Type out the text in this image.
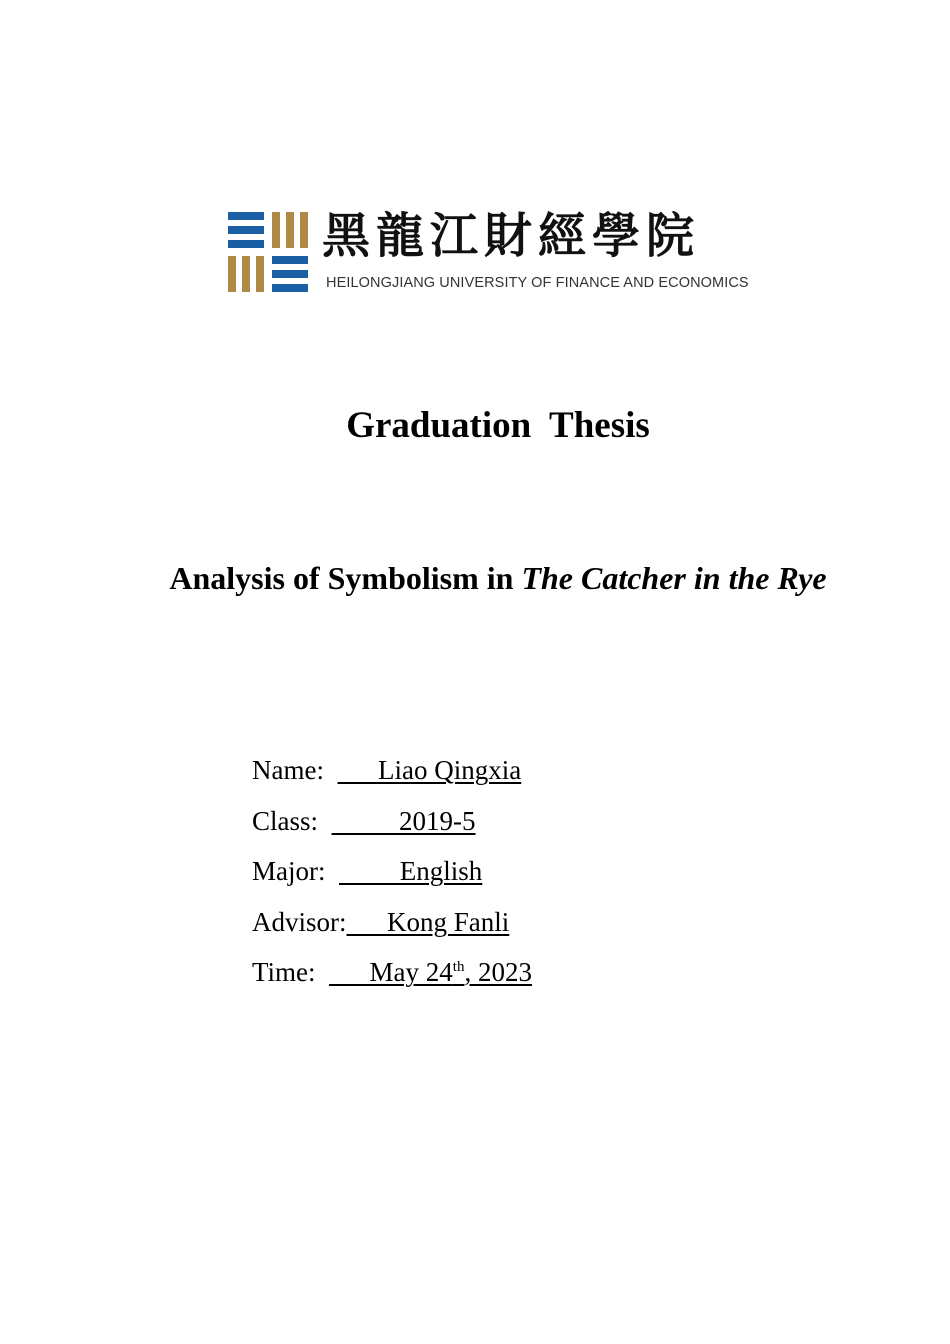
黑龍江財經學院
HEILONGJIANG UNIVERSITY OF FINANCE AND ECONOMICS
Graduation  Thesis
Analysis of Symbolism in The Catcher in the Rye
Name:        Liao Qingxia
Class:            2019-5
Major:           English
Advisor:      Kong Fanli
Time:        May 24th, 2023
